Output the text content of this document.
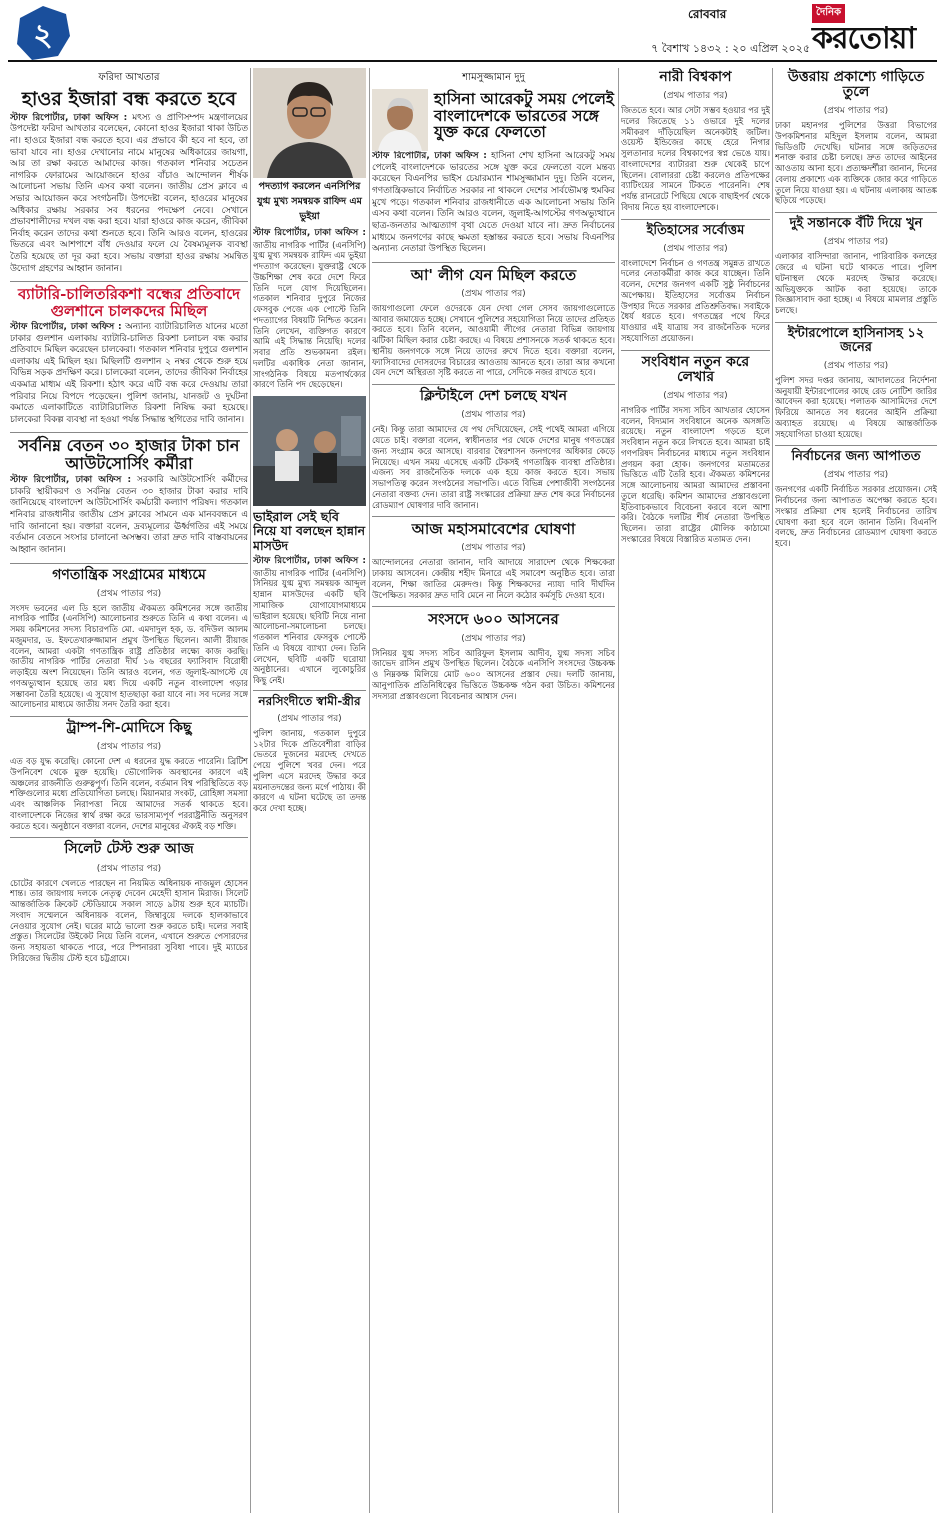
২
রোববার
৭ বৈশাখ ১৪৩২ : ২০ এপ্রিল ২০২৫
দৈনিক
করতোয়া
ফরিদা আখতার
হাওর ইজারা বন্ধ করতে হবে
স্টাফ রিপোর্টার, ঢাকা অফিস : মৎস্য ও প্রাণিসম্পদ মন্ত্রণালয়ের উপদেষ্টা ফরিদা আখতার বলেছেন, কোনো হাওর ইজারা থাকা উচিত না। হাওরে ইজারা বন্ধ করতে হবে। এর প্রভাবে কী হবে না হবে, তা ভাবা যাবে না। হাওর দেখানোর নামে মানুষের অধিকারের জায়গা, আর তা রক্ষা করতে আমাদের কাজ। গতকাল শনিবার সচেতন নাগরিক ফোরামের আয়োজনে হাওর বাঁচাও আন্দোলন শীর্ষক আলোচনা সভায় তিনি এসব কথা বলেন। জাতীয় প্রেস ক্লাবে এ সভার আয়োজন করে সংগঠনটি। উপদেষ্টা বলেন, হাওরের মানুষের অধিকার রক্ষায় সরকার সব ধরনের পদক্ষেপ নেবে। সেখানে প্রভাবশালীদের দখল বন্ধ করা হবে। যারা হাওরে কাজ করেন, জীবিকা নির্বাহ করেন তাদের কথা শুনতে হবে। তিনি আরও বলেন, হাওরের ভিতরে এবং আশপাশে বাঁধ দেওয়ার ফলে যে বৈষম্যমূলক ব্যবস্থা তৈরি হয়েছে তা দূর করা হবে। সভায় বক্তারা হাওর রক্ষায় সমন্বিত উদ্যোগ গ্রহণের আহ্বান জানান।
ব্যাটারি-চালিতরিকশা বন্ধের প্রতিবাদে গুলশানে চালকদের মিছিল
স্টাফ রিপোর্টার, ঢাকা অফিস : অন্যান্য ব্যাটারিচালিত যানের মতো ঢাকার গুলশান এলাকায় ব্যাটারি-চালিত রিকশা চলাচল বন্ধ করার প্রতিবাদে মিছিল করেছেন চালকেরা। গতকাল শনিবার দুপুরে গুলশান এলাকায় এই মিছিল হয়। মিছিলটি গুলশান ২ নম্বর থেকে শুরু হয়ে বিভিন্ন সড়ক প্রদক্ষিণ করে। চালকেরা বলেন, তাদের জীবিকা নির্বাহের একমাত্র মাধ্যম এই রিকশা। হঠাৎ করে এটি বন্ধ করে দেওয়ায় তারা পরিবার নিয়ে বিপদে পড়েছেন। পুলিশ জানায়, যানজট ও দুর্ঘটনা কমাতে এলাকাটিতে ব্যাটারিচালিত রিকশা নিষিদ্ধ করা হয়েছে। চালকেরা বিকল্প ব্যবস্থা না হওয়া পর্যন্ত সিদ্ধান্ত স্থগিতের দাবি জানান।
সর্বনিম্ন বেতন ৩০ হাজার টাকা চান আউটসোর্সিং কর্মীরা
স্টাফ রিপোর্টার, ঢাকা অফিস : সরকারি আউটসোর্সিং কর্মীদের চাকরি স্থায়ীকরণ ও সর্বনিম্ন বেতন ৩০ হাজার টাকা করার দাবি জানিয়েছে বাংলাদেশ আউটসোর্সিং কর্মচারী কল্যাণ পরিষদ। গতকাল শনিবার রাজধানীর জাতীয় প্রেস ক্লাবের সামনে এক মানববন্ধনে এ দাবি জানানো হয়। বক্তারা বলেন, দ্রব্যমূল্যের ঊর্ধ্বগতির এই সময়ে বর্তমান বেতনে সংসার চালানো অসম্ভব। তারা দ্রুত দাবি বাস্তবায়নের আহ্বান জানান।
গণতান্ত্রিক সংগ্রামের মাধ্যমে
(প্রথম পাতার পর)
সংসদ ভবনের এল ডি হলে জাতীয় ঐকমত্য কমিশনের সঙ্গে জাতীয় নাগরিক পার্টির (এনসিপি) আলোচনার শুরুতে তিনি এ কথা বলেন। এ সময় কমিশনের সদস্য বিচারপতি মো. এমদাদুল হক, ড. বদিউল আলম মজুমদার, ড. ইফতেখারুজ্জামান প্রমুখ উপস্থিত ছিলেন। আলী রীয়াজ বলেন, আমরা একটা গণতান্ত্রিক রাষ্ট্র প্রতিষ্ঠার লক্ষ্যে কাজ করছি। জাতীয় নাগরিক পার্টির নেতারা দীর্ঘ ১৬ বছরের ফ্যাসিবাদ বিরোধী লড়াইয়ে অংশ নিয়েছেন। তিনি আরও বলেন, গত জুলাই-আগস্টে যে গণঅভ্যুত্থান হয়েছে তার মধ্য দিয়ে একটি নতুন বাংলাদেশ গড়ার সম্ভাবনা তৈরি হয়েছে। এ সুযোগ হাতছাড়া করা যাবে না। সব দলের সঙ্গে আলোচনার মাধ্যমে জাতীয় সনদ তৈরি করা হবে।
ট্রাম্প-শি-মোদিসে কিছু
(প্রথম পাতার পর)
এত বড় যুদ্ধ করেছি। কোনো দেশ এ ধরনের যুদ্ধ করতে পারেনি। ব্রিটিশ উপনিবেশ থেকে মুক্ত হয়েছি। ভৌগোলিক অবস্থানের কারণে এই অঞ্চলের রাজনীতি গুরুত্বপূর্ণ। তিনি বলেন, বর্তমান বিশ্ব পরিস্থিতিতে বড় শক্তিগুলোর মধ্যে প্রতিযোগিতা চলছে। মিয়ানমার সংকট, রোহিঙ্গা সমস্যা এবং আঞ্চলিক নিরাপত্তা নিয়ে আমাদের সতর্ক থাকতে হবে। বাংলাদেশকে নিজের স্বার্থ রক্ষা করে ভারসাম্যপূর্ণ পররাষ্ট্রনীতি অনুসরণ করতে হবে। অনুষ্ঠানে বক্তারা বলেন, দেশের মানুষের ঐক্যই বড় শক্তি।
সিলেট টেস্ট শুরু আজ
(প্রথম পাতার পর)
চোটের কারণে খেলতে পারছেন না নিয়মিত অধিনায়ক নাজমুল হোসেন শান্ত। তার জায়গায় দলকে নেতৃত্ব দেবেন মেহেদী হাসান মিরাজ। সিলেট আন্তর্জাতিক ক্রিকেট স্টেডিয়ামে সকাল সাড়ে ৯টায় শুরু হবে ম্যাচটি। সংবাদ সম্মেলনে অধিনায়ক বলেন, জিম্বাবুয়ে দলকে হালকাভাবে নেওয়ার সুযোগ নেই। ঘরের মাঠে ভালো শুরু করতে চাই। দলের সবাই প্রস্তুত। সিলেটের উইকেট নিয়ে তিনি বলেন, এখানে শুরুতে পেসারদের জন্য সহায়তা থাকতে পারে, পরে স্পিনাররা সুবিধা পাবে। দুই ম্যাচের সিরিজের দ্বিতীয় টেস্ট হবে চট্টগ্রামে।
পদত্যাগ করলেন এনসিপির যুগ্ম মুখ্য সমন্বয়ক রাফিদ এম ভুইয়া
স্টাফ রিপোর্টার, ঢাকা অফিস : জাতীয় নাগরিক পার্টির (এনসিপি) যুগ্ম মুখ্য সমন্বয়ক রাফিদ এম ভুইয়া পদত্যাগ করেছেন। যুক্তরাষ্ট্র থেকে উচ্চশিক্ষা শেষ করে দেশে ফিরে তিনি দলে যোগ দিয়েছিলেন। গতকাল শনিবার দুপুরে নিজের ফেসবুক পেজে এক পোস্টে তিনি পদত্যাগের বিষয়টি নিশ্চিত করেন। তিনি লেখেন, ব্যক্তিগত কারণে আমি এই সিদ্ধান্ত নিয়েছি। দলের সবার প্রতি শুভকামনা রইল। দলটির একাধিক নেতা জানান, সাংগঠনিক বিষয়ে মতপার্থক্যের কারণে তিনি পদ ছেড়েছেন।
ভাইরাল সেই ছবি নিয়ে যা বলছেন হান্নান মাসউদ
স্টাফ রিপোর্টার, ঢাকা অফিস : জাতীয় নাগরিক পার্টির (এনসিপি) সিনিয়র যুগ্ম মুখ্য সমন্বয়ক আব্দুল হান্নান মাসউদের একটি ছবি সামাজিক যোগাযোগমাধ্যমে ভাইরাল হয়েছে। ছবিটি নিয়ে নানা আলোচনা-সমালোচনা চলছে। গতকাল শনিবার ফেসবুক পোস্টে তিনি এ বিষয়ে ব্যাখ্যা দেন। তিনি লেখেন, ছবিটি একটি ঘরোয়া অনুষ্ঠানের। এখানে লুকোচুরির কিছু নেই।
নরসিংদীতে স্বামী-স্ত্রীর
(প্রথম পাতার পর)
পুলিশ জানায়, গতকাল দুপুরে ১২টার দিকে প্রতিবেশীরা বাড়ির ভেতরে দুজনের মরদেহ দেখতে পেয়ে পুলিশে খবর দেন। পরে পুলিশ এসে মরদেহ উদ্ধার করে ময়নাতদন্তের জন্য মর্গে পাঠায়। কী কারণে এ ঘটনা ঘটেছে তা তদন্ত করে দেখা হচ্ছে।
শামসুজ্জামান দুদু
হাসিনা আরেকটু সময় পেলেই বাংলাদেশকে ভারতের সঙ্গে যুক্ত করে ফেলতো
স্টাফ রিপোর্টার, ঢাকা অফিস : হাসিনা শেখ হাসিনা আরেকটু সময় পেলেই বাংলাদেশকে ভারতের সঙ্গে যুক্ত করে ফেলতো বলে মন্তব্য করেছেন বিএনপির ভাইস চেয়ারম্যান শামসুজ্জামান দুদু। তিনি বলেন, গণতান্ত্রিকভাবে নির্বাচিত সরকার না থাকলে দেশের সার্বভৌমত্ব হুমকির মুখে পড়ে। গতকাল শনিবার রাজধানীতে এক আলোচনা সভায় তিনি এসব কথা বলেন। তিনি আরও বলেন, জুলাই-আগস্টের গণঅভ্যুত্থানে ছাত্র-জনতার আত্মত্যাগ বৃথা যেতে দেওয়া যাবে না। দ্রুত নির্বাচনের মাধ্যমে জনগণের কাছে ক্ষমতা হস্তান্তর করতে হবে। সভায় বিএনপির অন্যান্য নেতারা উপস্থিত ছিলেন।
আ' লীগ যেন মিছিল করতে
(প্রথম পাতার পর)
জায়গাগুলো ফেলে ওদেরকে যেন দেখা গেল সেসব জায়গাগুলোতে আবার জমায়েত হচ্ছে। সেখানে পুলিশের সহযোগিতা নিয়ে তাদের প্রতিহত করতে হবে। তিনি বলেন, আওয়ামী লীগের নেতারা বিভিন্ন জায়গায় ঝটিকা মিছিল করার চেষ্টা করছে। এ বিষয়ে প্রশাসনকে সতর্ক থাকতে হবে। স্থানীয় জনগণকে সঙ্গে নিয়ে তাদের রুখে দিতে হবে। বক্তারা বলেন, ফ্যাসিবাদের দোসরদের বিচারের আওতায় আনতে হবে। তারা আর কখনো যেন দেশে অস্থিরতা সৃষ্টি করতে না পারে, সেদিকে নজর রাখতে হবে।
ক্লিন্টাইলে দেশ চলছে যখন
(প্রথম পাতার পর)
নেই। কিন্তু তারা আমাদের যে পথ দেখিয়েছেন, সেই পথেই আমরা এগিয়ে যেতে চাই। বক্তারা বলেন, স্বাধীনতার পর থেকে দেশের মানুষ গণতন্ত্রের জন্য সংগ্রাম করে আসছে। বারবার স্বৈরশাসন জনগণের অধিকার কেড়ে নিয়েছে। এখন সময় এসেছে একটি টেকসই গণতান্ত্রিক ব্যবস্থা প্রতিষ্ঠার। এজন্য সব রাজনৈতিক দলকে এক হয়ে কাজ করতে হবে। সভায় সভাপতিত্ব করেন সংগঠনের সভাপতি। এতে বিভিন্ন পেশাজীবী সংগঠনের নেতারা বক্তব্য দেন। তারা রাষ্ট্র সংস্কারের প্রক্রিয়া দ্রুত শেষ করে নির্বাচনের রোডম্যাপ ঘোষণার দাবি জানান।
আজ মহাসমাবেশের ঘোষণা
(প্রথম পাতার পর)
আন্দোলনের নেতারা জানান, দাবি আদায়ে সারাদেশ থেকে শিক্ষকেরা ঢাকায় আসবেন। কেন্দ্রীয় শহীদ মিনারে এই সমাবেশ অনুষ্ঠিত হবে। তারা বলেন, শিক্ষা জাতির মেরুদণ্ড। কিন্তু শিক্ষকদের ন্যায্য দাবি দীর্ঘদিন উপেক্ষিত। সরকার দ্রুত দাবি মেনে না নিলে কঠোর কর্মসূচি দেওয়া হবে।
সংসদে ৬০০ আসনের
(প্রথম পাতার পর)
সিনিয়র যুগ্ম সদস্য সচিব আরিফুল ইসলাম আদীব, যুগ্ম সদস্য সচিব জাভেদ রাসিন প্রমুখ উপস্থিত ছিলেন। বৈঠকে এনসিপি সংসদের উচ্চকক্ষ ও নিম্নকক্ষ মিলিয়ে মোট ৬০০ আসনের প্রস্তাব দেয়। দলটি জানায়, আনুপাতিক প্রতিনিধিত্বের ভিত্তিতে উচ্চকক্ষ গঠন করা উচিত। কমিশনের সদস্যরা প্রস্তাবগুলো বিবেচনার আশ্বাস দেন।
নারী বিশ্বকাপ
(প্রথম পাতার পর)
জিততে হবে। আর সেটা সম্ভব হওয়ার পর দুই দলের জিতেছে ১১ ওভারে দুই দলের সমীকরণ দাঁড়িয়েছিল অনেকটাই জটিল। ওয়েস্ট ইন্ডিজের কাছে হেরে নিগার সুলতানার দলের বিশ্বকাপের স্বপ্ন ভেঙে যায়। বাংলাদেশের ব্যাটাররা শুরু থেকেই চাপে ছিলেন। বোলাররা চেষ্টা করলেও প্রতিপক্ষের ব্যাটিংয়ের সামনে টিকতে পারেননি। শেষ পর্যন্ত রানরেটে পিছিয়ে থেকে বাছাইপর্ব থেকে বিদায় নিতে হয় বাংলাদেশকে।
ইতিহাসের সর্বোত্তম
(প্রথম পাতার পর)
বাংলাদেশে নির্বাচন ও গণতন্ত্র সমুন্নত রাখতে দলের নেতাকর্মীরা কাজ করে যাচ্ছেন। তিনি বলেন, দেশের জনগণ একটি সুষ্ঠু নির্বাচনের অপেক্ষায়। ইতিহাসের সর্বোত্তম নির্বাচন উপহার দিতে সরকার প্রতিশ্রুতিবদ্ধ। সবাইকে ধৈর্য ধরতে হবে। গণতন্ত্রের পথে ফিরে যাওয়ার এই যাত্রায় সব রাজনৈতিক দলের সহযোগিতা প্রয়োজন।
সংবিধান নতুন করে লেখার
(প্রথম পাতার পর)
নাগরিক পার্টির সদস্য সচিব আখতার হোসেন বলেন, বিদ্যমান সংবিধানে অনেক অসঙ্গতি রয়েছে। নতুন বাংলাদেশ গড়তে হলে সংবিধান নতুন করে লিখতে হবে। আমরা চাই গণপরিষদ নির্বাচনের মাধ্যমে নতুন সংবিধান প্রণয়ন করা হোক। জনগণের মতামতের ভিত্তিতে এটি তৈরি হবে। ঐকমত্য কমিশনের সঙ্গে আলোচনায় আমরা আমাদের প্রস্তাবনা তুলে ধরেছি। কমিশন আমাদের প্রস্তাবগুলো ইতিবাচকভাবে বিবেচনা করবে বলে আশা করি। বৈঠকে দলটির শীর্ষ নেতারা উপস্থিত ছিলেন। তারা রাষ্ট্রের মৌলিক কাঠামো সংস্কারের বিষয়ে বিস্তারিত মতামত দেন।
উত্তরায় প্রকাশ্যে গাড়িতে তুলে
(প্রথম পাতার পর)
ঢাকা মহানগর পুলিশের উত্তরা বিভাগের উপকমিশনার মহিদুল ইসলাম বলেন, আমরা ভিডিওটি দেখেছি। ঘটনার সঙ্গে জড়িতদের শনাক্ত করার চেষ্টা চলছে। দ্রুত তাদের আইনের আওতায় আনা হবে। প্রত্যক্ষদর্শীরা জানান, দিনের বেলায় প্রকাশ্যে এক ব্যক্তিকে জোর করে গাড়িতে তুলে নিয়ে যাওয়া হয়। এ ঘটনায় এলাকায় আতঙ্ক ছড়িয়ে পড়েছে।
দুই সন্তানকে বঁটি দিয়ে খুন
(প্রথম পাতার পর)
এলাকার বাসিন্দারা জানান, পারিবারিক কলহের জেরে এ ঘটনা ঘটে থাকতে পারে। পুলিশ ঘটনাস্থল থেকে মরদেহ উদ্ধার করেছে। অভিযুক্তকে আটক করা হয়েছে। তাকে জিজ্ঞাসাবাদ করা হচ্ছে। এ বিষয়ে মামলার প্রস্তুতি চলছে।
ইন্টারপোলে হাসিনাসহ ১২ জনের
(প্রথম পাতার পর)
পুলিশ সদর দপ্তর জানায়, আদালতের নির্দেশনা অনুযায়ী ইন্টারপোলের কাছে রেড নোটিশ জারির আবেদন করা হয়েছে। পলাতক আসামিদের দেশে ফিরিয়ে আনতে সব ধরনের আইনি প্রক্রিয়া অব্যাহত রয়েছে। এ বিষয়ে আন্তর্জাতিক সহযোগিতা চাওয়া হয়েছে।
নির্বাচনের জন্য আপাতত
(প্রথম পাতার পর)
জনগণের একটি নির্বাচিত সরকার প্রয়োজন। সেই নির্বাচনের জন্য আপাতত অপেক্ষা করতে হবে। সংস্কার প্রক্রিয়া শেষ হলেই নির্বাচনের তারিখ ঘোষণা করা হবে বলে জানান তিনি। বিএনপি বলছে, দ্রুত নির্বাচনের রোডম্যাপ ঘোষণা করতে হবে।
